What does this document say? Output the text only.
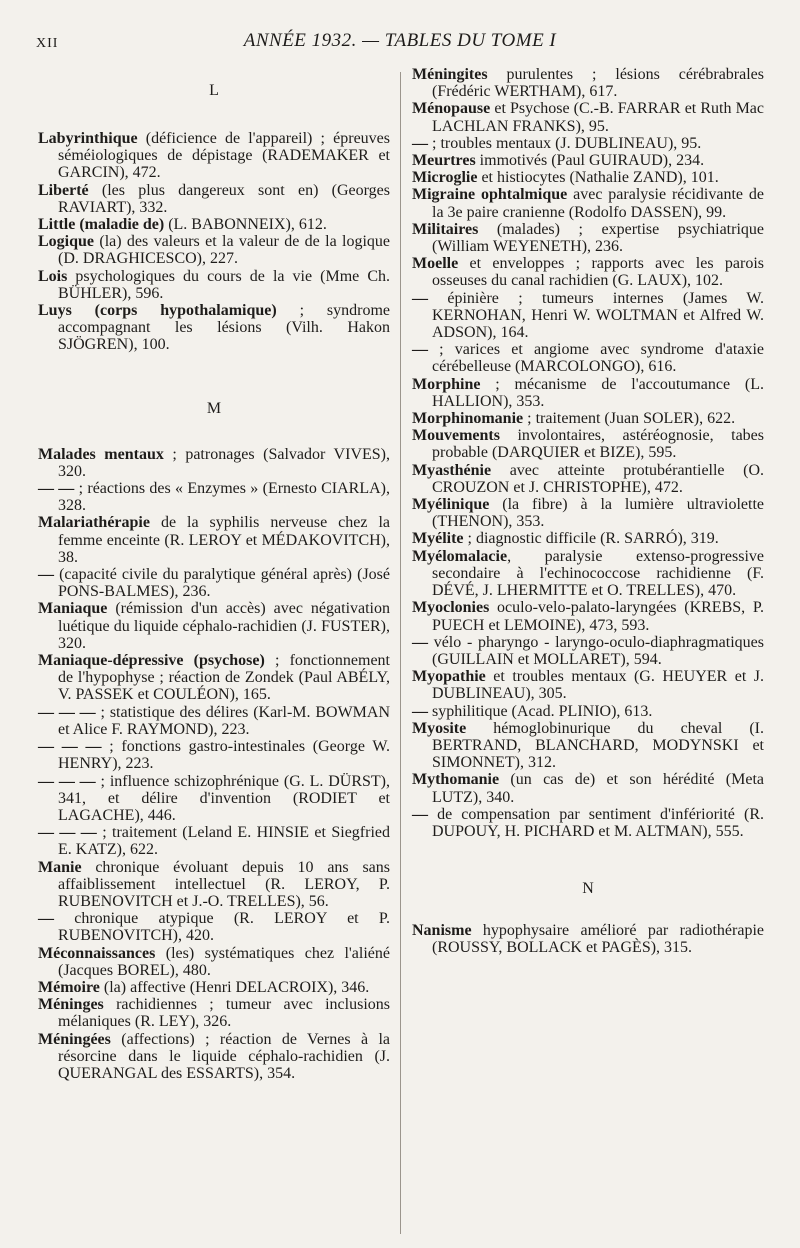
XII	ANNÉE 1932. — TABLES DU TOME I
L

Labyrinthique (déficience de l'appareil) ; épreuves séméiologiques de dépistage (RADEMAKER et GARCIN), 472.

Liberté (les plus dangereux sont en) (Georges RAVIART), 332.

Little (maladie de) (L. BABONNEIX), 612.

Logique (la) des valeurs et la valeur de de la logique (D. DRAGHICESCO), 227.

Lois psychologiques du cours de la vie (Mme Ch. BÜHLER), 596.

Luys (corps hypothalamique) ; syndrome accompagnant les lésions (Vilh. Hakon SJÖGREN), 100.

M

Malades mentaux ; patronages (Salvador VIVES), 320.

— — ; réactions des « Enzymes » (Ernesto CIARLA), 328.

Malariathérapie de la syphilis nerveuse chez la femme enceinte (R. LEROY et MÉDAKOVITCH), 38.

— (capacité civile du paralytique général après) (José PONS-BALMES), 236.

Maniaque (rémission d'un accès) avec négativation luétique du liquide céphalo-rachidien (J. FUSTER), 320.

Maniaque-dépressive (psychose) ; fonctionnement de l'hypophyse ; réaction de Zondek (Paul ABÉLY, V. PASSEK et COULÉON), 165.

— — — ; statistique des délires (Karl-M. BOWMAN et Alice F. RAYMOND), 223.

— — — ; fonctions gastro-intestinales (George W. HENRY), 223.

— — — ; influence schizophrénique (G. L. DÜRST), 341, et délire d'invention (RODIET et LAGACHE), 446.

— — — ; traitement (Leland E. HINSIE et Siegfried E. KATZ), 622.

Manie chronique évoluant depuis 10 ans sans affaiblissement intellectuel (R. LEROY, P. RUBENOVITCH et J.-O. TRELLES), 56.

— chronique atypique (R. LEROY et P. RUBENOVITCH), 420.

Méconnaissances (les) systématiques chez l'aliéné (Jacques BOREL), 480.

Mémoire (la) affective (Henri DELACROIX), 346.

Méninges rachidiennes ; tumeur avec inclusions mélaniques (R. LEY), 326.

Méningées (affections) ; réaction de Vernes à la résorcine dans le liquide céphalo-rachidien (J. QUERANGAL des ESSARTS), 354.

Méningites purulentes ; lésions cérébrabrales (Frédéric WERTHAM), 617.

Ménopause et Psychose (C.-B. FARRAR et Ruth Mac LACHLAN FRANKS), 95.

— ; troubles mentaux (J. DUBLINEAU), 95.

Meurtres immotivés (Paul GUIRAUD), 234.

Microglie et histiocytes (Nathalie ZAND), 101.

Migraine ophtalmique avec paralysie récidivante de la 3e paire cranienne (Rodolfo DASSEN), 99.

Militaires (malades) ; expertise psychiatrique (William WEYENETH), 236.

Moelle et enveloppes ; rapports avec les parois osseuses du canal rachidien (G. LAUX), 102.

— épinière ; tumeurs internes (James W. KERNOHAN, Henri W. WOLTMAN et Alfred W. ADSON), 164.

— ; varices et angiome avec syndrome d'ataxie cérébelleuse (MARCOLONGO), 616.

Morphine ; mécanisme de l'accoutumance (L. HALLION), 353.

Morphinomanie ; traitement (Juan SOLER), 622.

Mouvements involontaires, astéréognosie, tabes probable (DARQUIER et BIZE), 595.

Myasthénie avec atteinte protubérantielle (O. CROUZON et J. CHRISTOPHE), 472.

Myélinique (la fibre) à la lumière ultraviolette (THENON), 353.

Myélite ; diagnostic difficile (R. SARRÓ), 319.

Myélomalacie, paralysie extenso-progressive secondaire à l'echinococcose rachidienne (F. DÉVÉ, J. LHERMITTE et O. TRELLES), 470.

Myoclonies oculo-velo-palato-laryngées (KREBS, P. PUECH et LEMOINE), 473, 593.

— vélo - pharyngo - laryngo-oculo-diaphragmatiques (GUILLAIN et MOLLARET), 594.

Myopathie et troubles mentaux (G. HEUYER et J. DUBLINEAU), 305.

— syphilitique (Acad. PLINIO), 613.

Myosite hémoglobinurique du cheval (I. BERTRAND, BLANCHARD, MODYNSKI et SIMONNET), 312.

Mythomanie (un cas de) et son hérédité (Meta LUTZ), 340.

— de compensation par sentiment d'infériorité (R. DUPOUY, H. PICHARD et M. ALTMAN), 555.

N

Nanisme hypophysaire amélioré par radiothérapie (ROUSSY, BOLLACK et PAGÈS), 315.
